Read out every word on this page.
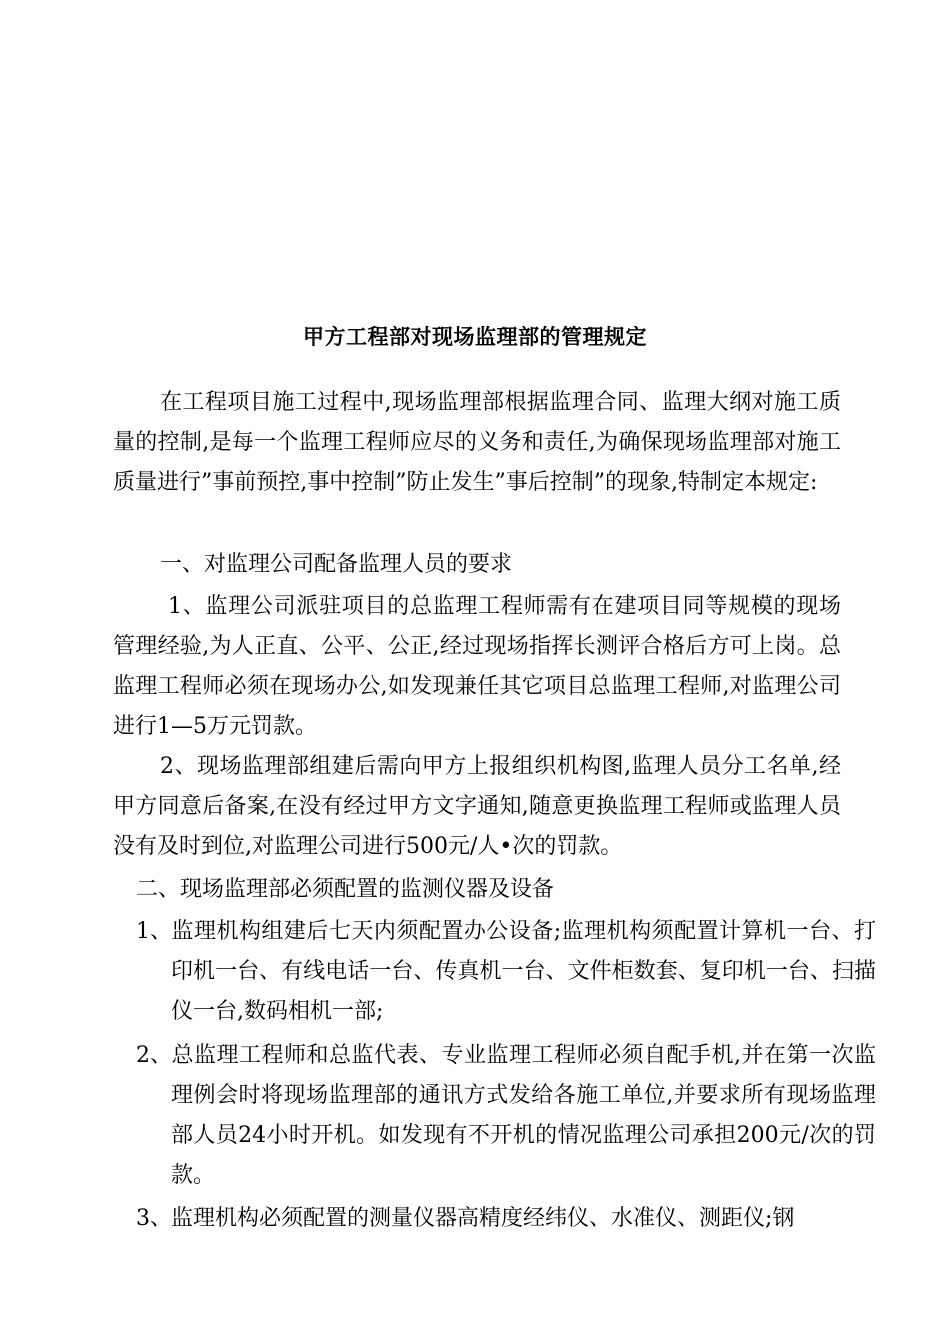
甲方工程部对现场监理部的管理规定

在工程项目施工过程中,现场监理部根据监理合同、监理大纲对施工质量的控制,是每一个监理工程师应尽的义务和责任,为确保现场监理部对施工质量进行”事前预控,事中控制”防止发生”事后控制”的现象,特制定本规定:

一、对监理公司配备监理人员的要求

1、监理公司派驻项目的总监理工程师需有在建项目同等规模的现场管理经验,为人正直、公平、公正,经过现场指挥长测评合格后方可上岗。总监理工程师必须在现场办公,如发现兼任其它项目总监理工程师,对监理公司进行1—5万元罚款。

2、现场监理部组建后需向甲方上报组织机构图,监理人员分工名单,经甲方同意后备案,在没有经过甲方文字通知,随意更换监理工程师或监理人员没有及时到位,对监理公司进行500元/人•次的罚款。

二、现场监理部必须配置的监测仪器及设备

1、监理机构组建后七天内须配置办公设备;监理机构须配置计算机一台、打印机一台、有线电话一台、传真机一台、文件柜数套、复印机一台、扫描仪一台,数码相机一部;

2、总监理工程师和总监代表、专业监理工程师必须自配手机,并在第一次监理例会时将现场监理部的通讯方式发给各施工单位,并要求所有现场监理部人员24小时开机。如发现有不开机的情况监理公司承担200元/次的罚款。

3、监理机构必须配置的测量仪器高精度经纬仪、水准仪、测距仪;钢
